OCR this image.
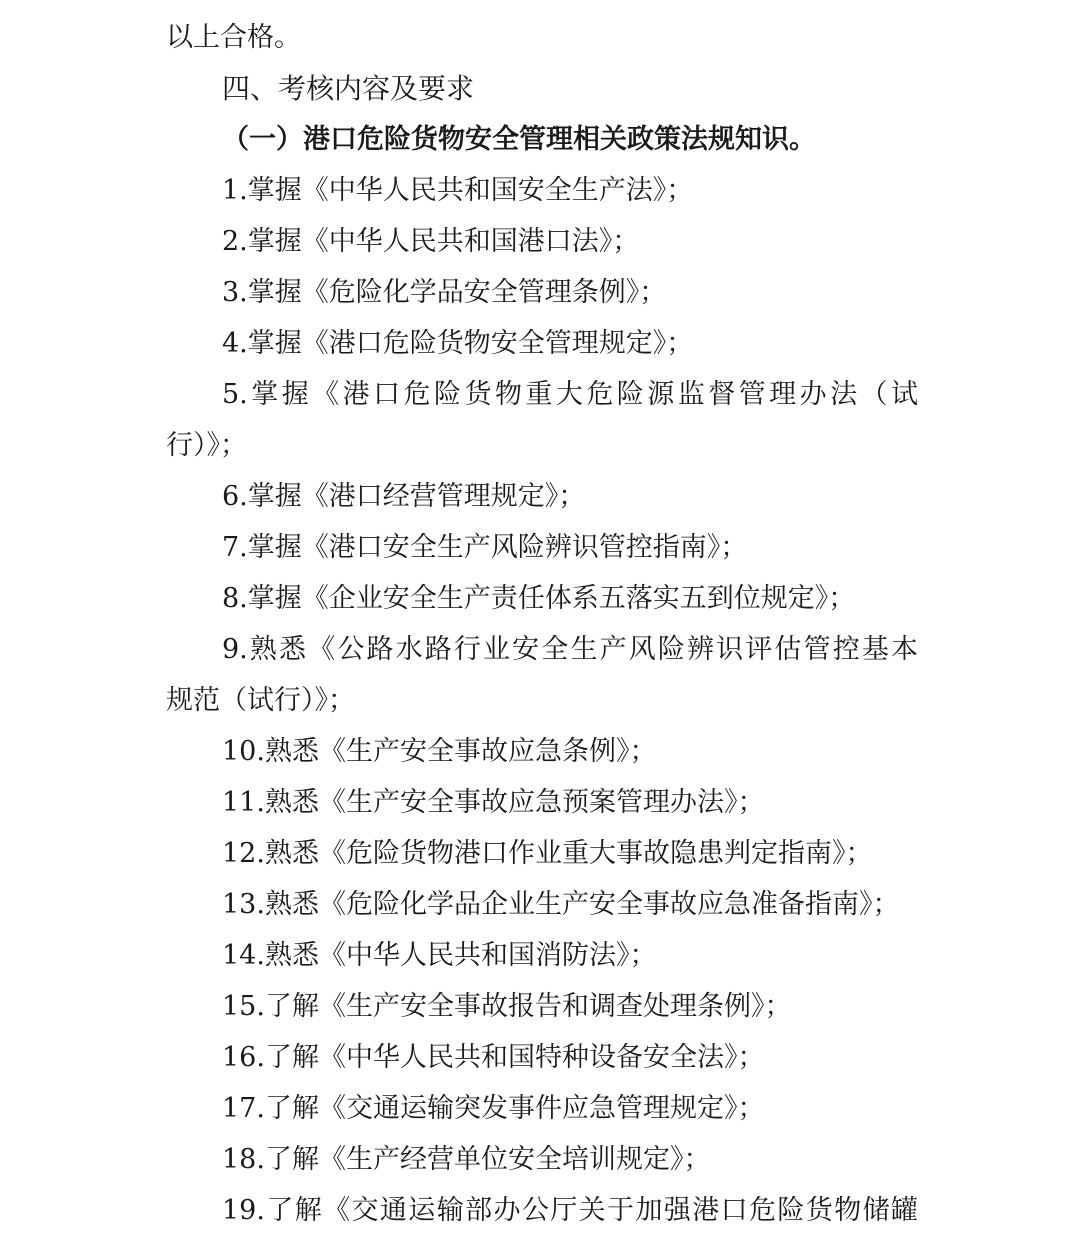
以上合格。
四、考核内容及要求
（一）港口危险货物安全管理相关政策法规知识。
1.掌握《中华人民共和国安全生产法》；
2.掌握《中华人民共和国港口法》；
3.掌握《危险化学品安全管理条例》；
4.掌握《港口危险货物安全管理规定》；
5.掌握《港口危险货物重大危险源监督管理办法（试
行）》；
6.掌握《港口经营管理规定》；
7.掌握《港口安全生产风险辨识管控指南》；
8.掌握《企业安全生产责任体系五落实五到位规定》；
9.熟悉《公路水路行业安全生产风险辨识评估管控基本
规范（试行）》；
10.熟悉《生产安全事故应急条例》；
11.熟悉《生产安全事故应急预案管理办法》；
12.熟悉《危险货物港口作业重大事故隐患判定指南》；
13.熟悉《危险化学品企业生产安全事故应急准备指南》；
14.熟悉《中华人民共和国消防法》；
15.了解《生产安全事故报告和调查处理条例》；
16.了解《中华人民共和国特种设备安全法》；
17.了解《交通运输突发事件应急管理规定》；
18.了解《生产经营单位安全培训规定》；
19.了解《交通运输部办公厅关于加强港口危险货物储罐
